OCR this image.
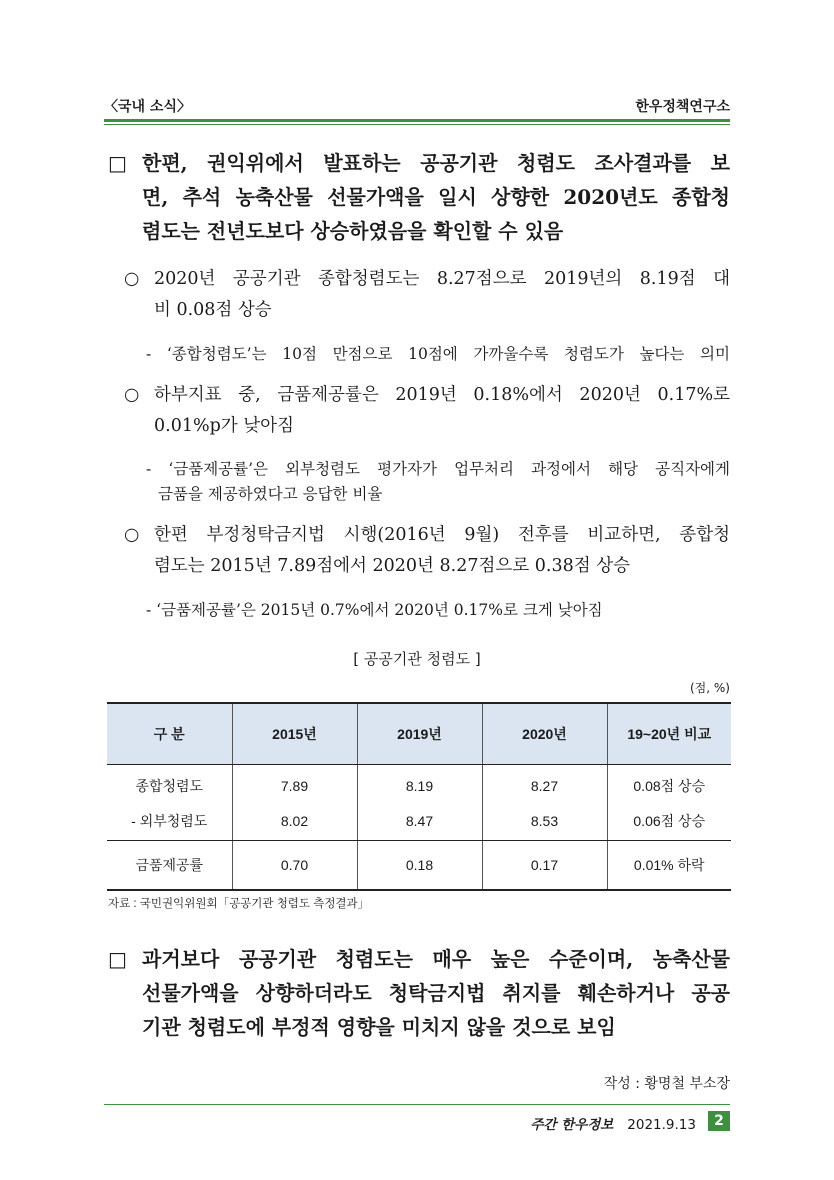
〈국내 소식〉	한우정책연구소
□ 한편, 권익위에서 발표하는 공공기관 청렴도 조사결과를 보
면, 추석 농축산물 선물가액을 일시 상향한 2020년도 종합청
렴도는 전년도보다 상승하였음을 확인할 수 있음
○ 2020년 공공기관 종합청렴도는 8.27점으로 2019년의 8.19점 대
비 0.08점 상승
- ‘종합청렴도’는 10점 만점으로 10점에 가까울수록 청렴도가 높다는 의미
○ 하부지표 중, 금품제공률은 2019년 0.18%에서 2020년 0.17%로
0.01%p가 낮아짐
- ‘금품제공률’은 외부청렴도 평가자가 업무처리 과정에서 해당 공직자에게
금품을 제공하였다고 응답한 비율
○ 한편 부정청탁금지법 시행(2016년 9월) 전후를 비교하면, 종합청
렴도는 2015년 7.89점에서 2020년 8.27점으로 0.38점 상승
- ‘금품제공률’은 2015년 0.7%에서 2020년 0.17%로 크게 낮아짐
[ 공공기관 청렴도 ]
(점, %)
구 분	2015년	2019년	2020년	19~20년 비교
종합청렴도	7.89	8.19	8.27	0.08점 상승
- 외부청렴도	8.02	8.47	8.53	0.06점 상승
금품제공률	0.70	0.18	0.17	0.01% 하락
자료 : 국민권익위원회「공공기관 청렴도 측정결과」
□ 과거보다 공공기관 청렴도는 매우 높은 수준이며, 농축산물
선물가액을 상향하더라도 청탁금지법 취지를 훼손하거나 공공
기관 청렴도에 부정적 영향을 미치지 않을 것으로 보임
작성 : 황명철 부소장
주간 한우정보 2021.9.13	2
